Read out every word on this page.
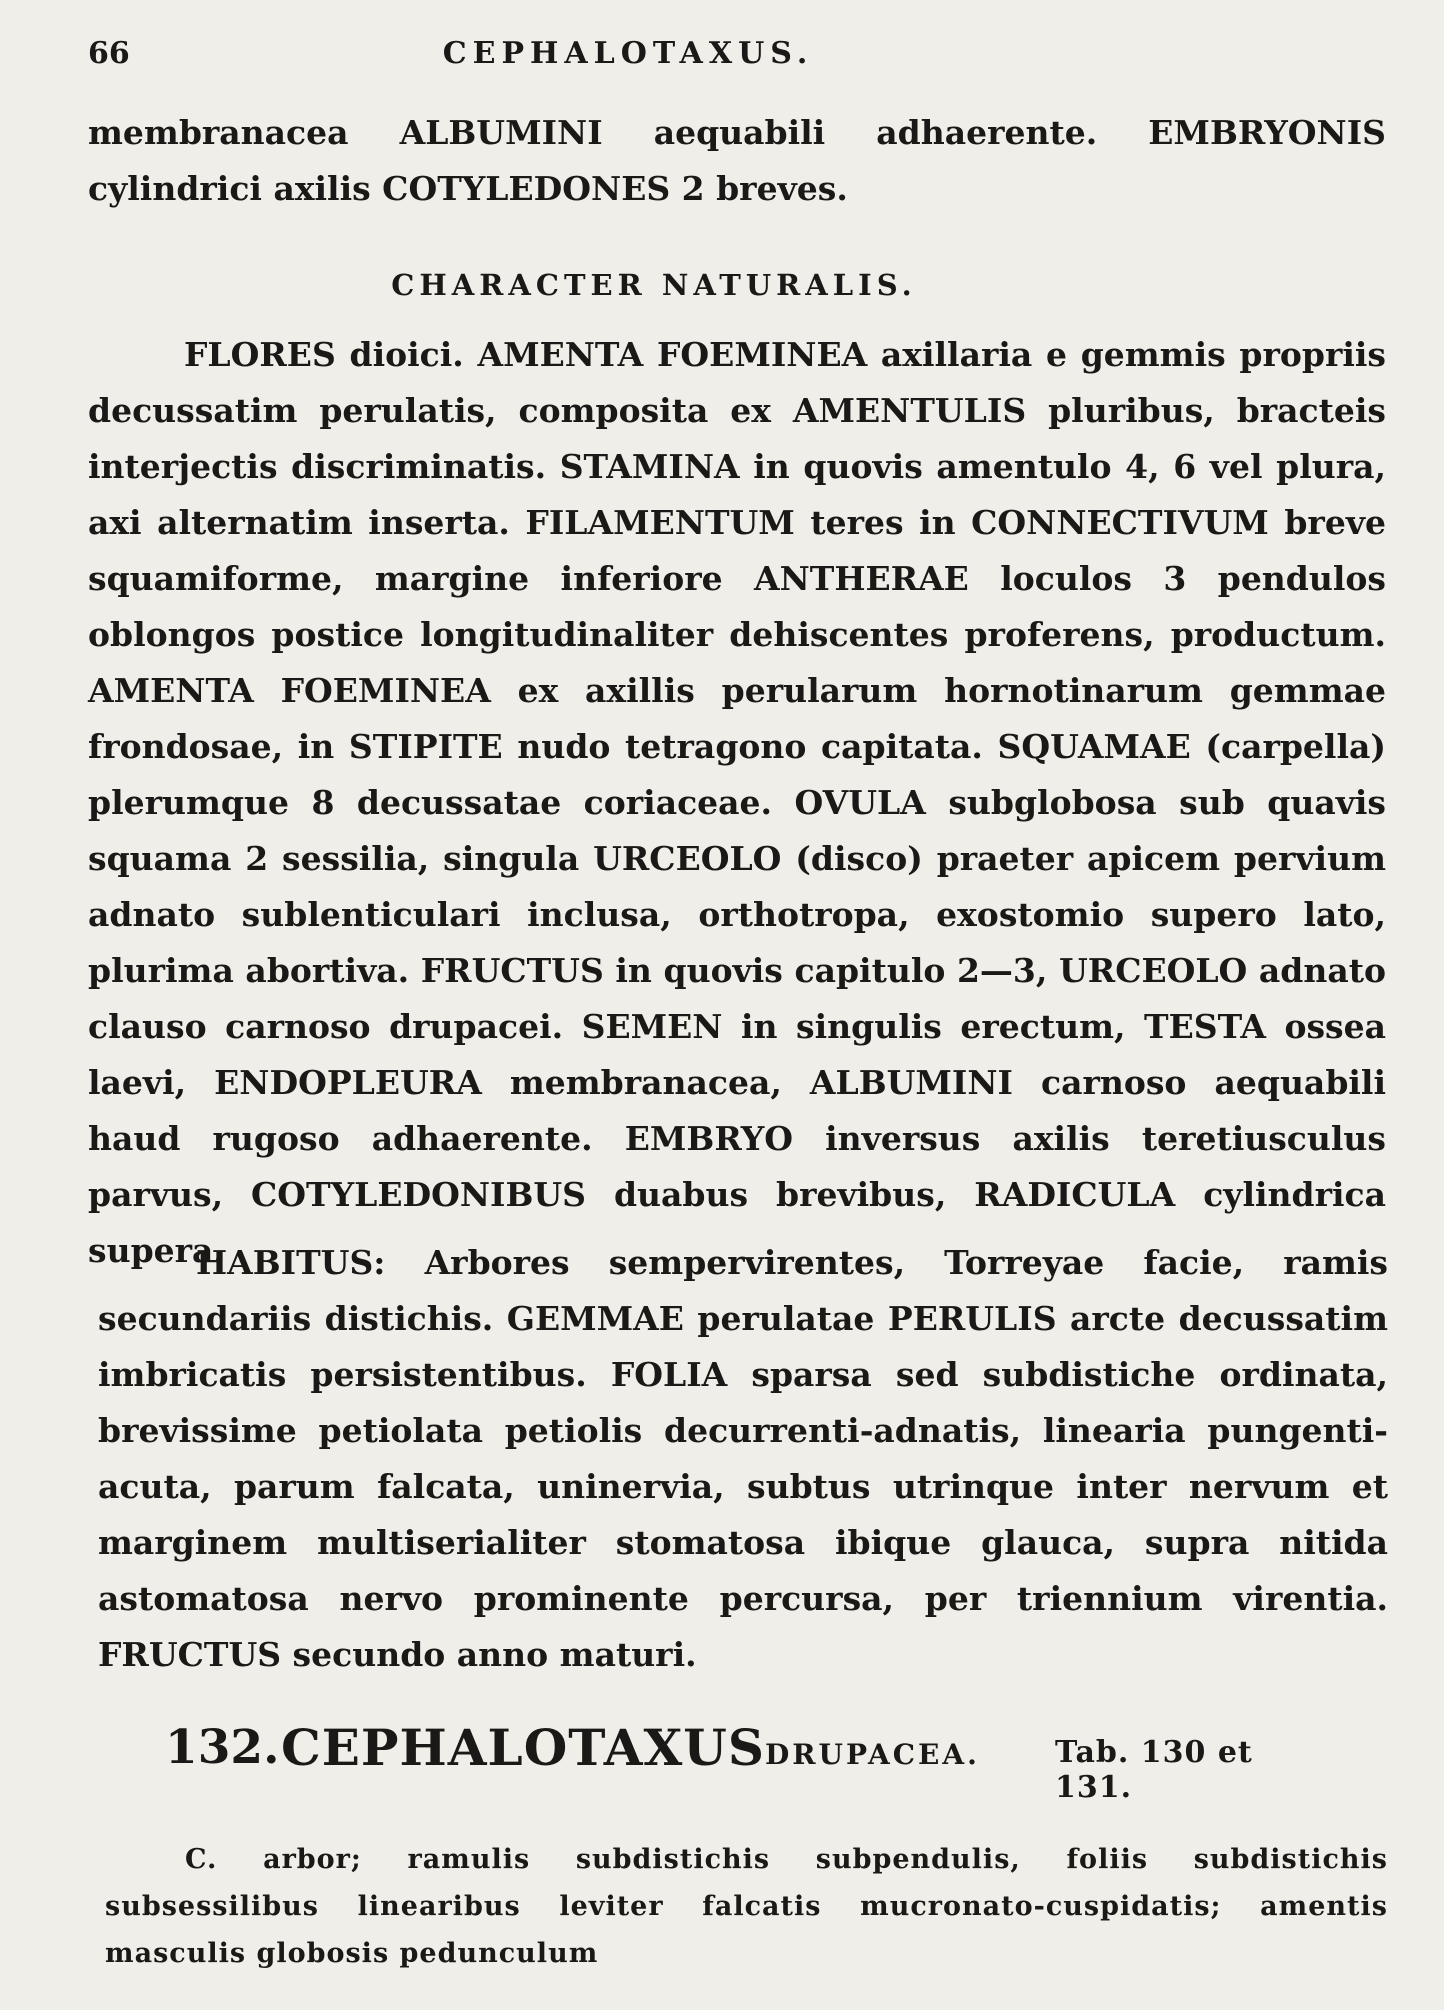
66	CEPHALOTAXUS.

membranacea ALBUMINI aequabili adhaerente. EMBRYONIS cylindrici axilis COTYLEDONES 2 breves.

CHARACTER NATURALIS.

FLORES dioici. AMENTA FOEMINEA axillaria e gemmis propriis decussatim perulatis, composita ex AMENTULIS pluribus, bracteis interjectis discriminatis. STAMINA in quovis amentulo 4, 6 vel plura, axi alternatim inserta. FILAMENTUM teres in CONNECTIVUM breve squamiforme, margine inferiore ANTHERAE loculos 3 pendulos oblongos postice longitudinaliter dehiscentes proferens, productum. AMENTA FOEMINEA ex axillis perularum hornotinarum gemmae frondosae, in STIPITE nudo tetragono capitata. SQUAMAE (carpella) plerumque 8 decussatae coriaceae. OVULA subglobosa sub quavis squama 2 sessilia, singula URCEOLO (disco) praeter apicem pervium adnato sublenticulari inclusa, orthotropa, exostomio supero lato, plurima abortiva. FRUCTUS in quovis capitulo 2—3, URCEOLO adnato clauso carnoso drupacei. SEMEN in singulis erectum, TESTA ossea laevi, ENDOPLEURA membranacea, ALBUMINI carnoso aequabili haud rugoso adhaerente. EMBRYO inversus axilis teretiusculus parvus, COTYLEDONIBUS duabus brevibus, RADICULA cylindrica supera.

HABITUS: Arbores sempervirentes, Torreyae facie, ramis secundariis distichis. GEMMAE perulatae PERULIS arcte decussatim imbricatis persistentibus. FOLIA sparsa sed subdistiche ordinata, brevissime petiolata petiolis decurrenti-adnatis, linearia pungenti-acuta, parum falcata, uninervia, subtus utrinque inter nervum et marginem multiserialiter stomatosa ibique glauca, supra nitida astomatosa nervo prominente percursa, per triennium virentia. FRUCTUS secundo anno maturi.

132. CEPHALOTAXUS DRUPACEA.	Tab. 130 et 131.

C. arbor; ramulis subdistichis subpendulis, foliis subdistichis subsessilibus linearibus leviter falcatis mucronato-cuspidatis; amentis masculis globosis pedunculum
